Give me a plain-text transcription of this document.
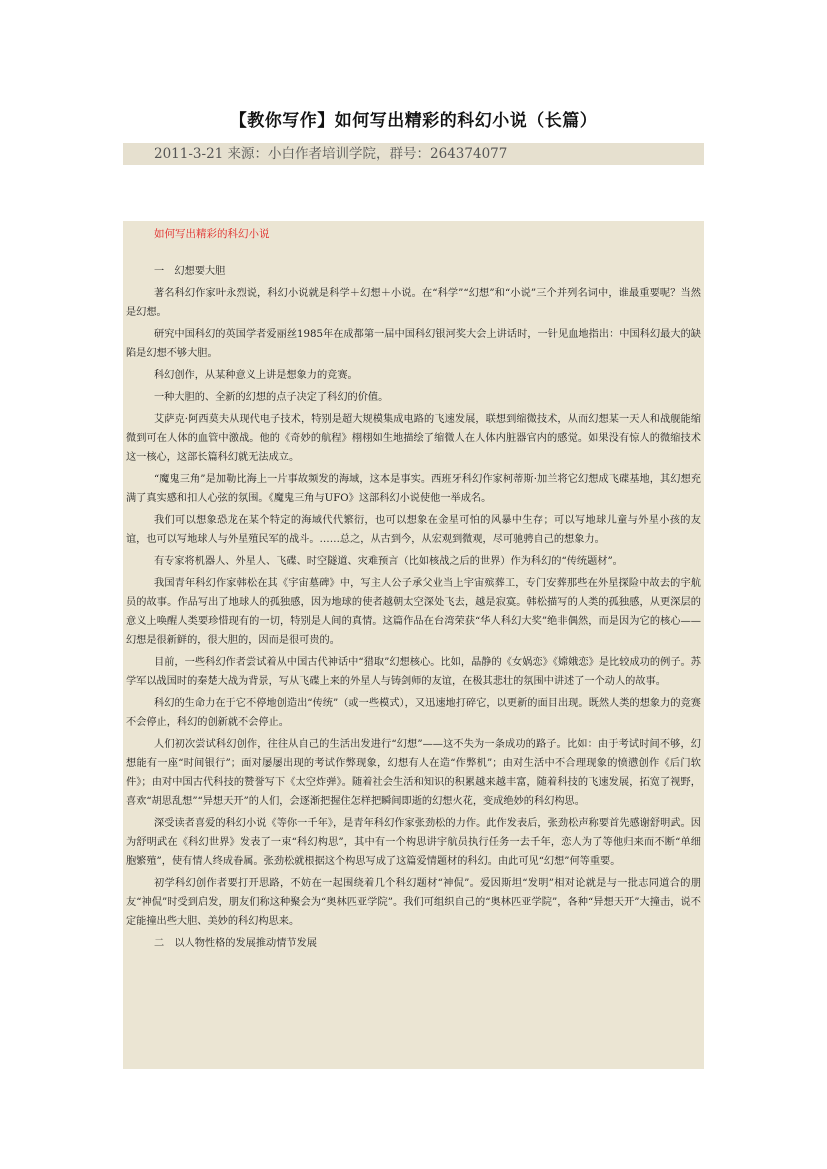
【教你写作】如何写出精彩的科幻小说（长篇）
2011-3-21 来源：小白作者培训学院，群号：264374077
如何写出精彩的科幻小说

一　幻想要大胆

著名科幻作家叶永烈说，科幻小说就是科学＋幻想＋小说。在“科学”“幻想”和“小说”三个并列名词中，谁最重要呢？当然是幻想。

研究中国科幻的英国学者爱丽丝1985年在成都第一届中国科幻银河奖大会上讲话时，一针见血地指出：中国科幻最大的缺陷是幻想不够大胆。

科幻创作，从某种意义上讲是想象力的竞赛。

一种大胆的、全新的幻想的点子决定了科幻的价值。

艾萨克·阿西莫夫从现代电子技术，特别是超大规模集成电路的飞速发展，联想到缩微技术，从而幻想某一天人和战舰能缩微到可在人体的血管中激战。他的《奇妙的航程》栩栩如生地描绘了缩微人在人体内脏器官内的感觉。如果没有惊人的微缩技术这一核心，这部长篇科幻就无法成立。

“魔鬼三角”是加勒比海上一片事故频发的海域，这本是事实。西班牙科幻作家柯蒂斯·加兰将它幻想成飞碟基地，其幻想充满了真实感和扣人心弦的氛围。《魔鬼三角与UFO》这部科幻小说使他一举成名。

我们可以想象恐龙在某个特定的海域代代繁衍，也可以想象在金星可怕的风暴中生存；可以写地球儿童与外星小孩的友谊，也可以写地球人与外星殖民军的战斗。……总之，从古到今，从宏观到微观，尽可驰骋自己的想象力。

有专家将机器人、外星人、飞碟、时空隧道、灾难预言（比如核战之后的世界）作为科幻的“传统题材”。

我国青年科幻作家韩松在其《宇宙墓碑》中，写主人公子承父业当上宇宙殡葬工，专门安葬那些在外星探险中故去的宇航员的故事。作品写出了地球人的孤独感，因为地球的使者越朝太空深处飞去，越是寂寞。韩松描写的人类的孤独感，从更深层的意义上唤醒人类要珍惜现有的一切，特别是人间的真情。这篇作品在台湾荣获“华人科幻大奖”绝非偶然，而是因为它的核心——幻想是很新鲜的，很大胆的，因而是很可贵的。

目前，一些科幻作者尝试着从中国古代神话中“猎取”幻想核心。比如，晶静的《女娲恋》《嫦娥恋》是比较成功的例子。苏学军以战国时的秦楚大战为背景，写从飞碟上来的外星人与铸剑师的友谊，在极其悲壮的氛围中讲述了一个动人的故事。

科幻的生命力在于它不停地创造出“传统”（或一些模式），又迅速地打碎它，以更新的面目出现。既然人类的想象力的竞赛不会停止，科幻的创新就不会停止。

人们初次尝试科幻创作，往往从自己的生活出发进行“幻想”——这不失为一条成功的路子。比如：由于考试时间不够，幻想能有一座“时间银行”；面对屡屡出现的考试作弊现象，幻想有人在造“作弊机”；由对生活中不合理现象的愤懑创作《后门软件》；由对中国古代科技的赞誉写下《太空炸弹》。随着社会生活和知识的积累越来越丰富，随着科技的飞速发展，拓宽了视野，喜欢“胡思乱想”“异想天开”的人们，会逐渐把握住怎样把瞬间即逝的幻想火花，变成绝妙的科幻构思。

深受读者喜爱的科幻小说《等你一千年》，是青年科幻作家张劲松的力作。此作发表后，张劲松声称要首先感谢舒明武。因为舒明武在《科幻世界》发表了一束“科幻构思”，其中有一个构思讲宇航员执行任务一去千年，恋人为了等他归来而不断“单细胞繁殖”，使有情人终成眷属。张劲松就根据这个构思写成了这篇爱情题材的科幻。由此可见“幻想”何等重要。

初学科幻创作者要打开思路，不妨在一起围绕着几个科幻题材“神侃”。爱因斯坦“发明”相对论就是与一批志同道合的朋友“神侃”时受到启发，朋友们称这种聚会为“奥林匹亚学院”。我们可组织自己的“奥林匹亚学院”，各种“异想天开”大撞击，说不定能撞出些大胆、美妙的科幻构思来。

二　以人物性格的发展推动情节发展
